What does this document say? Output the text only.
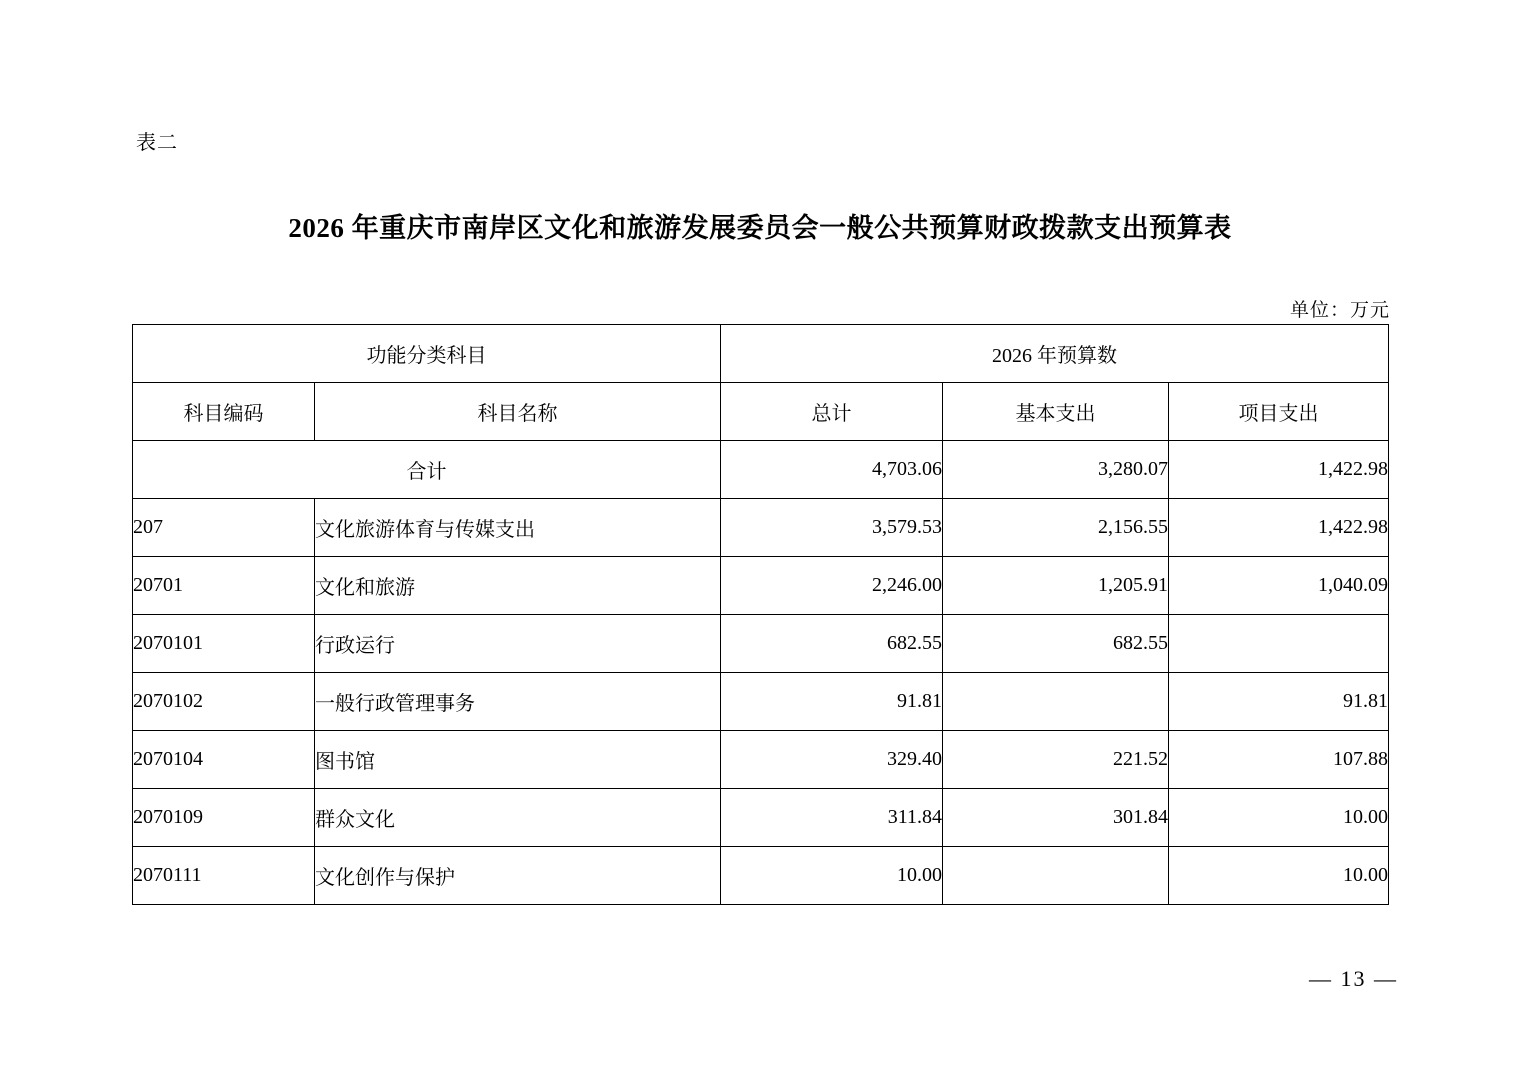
表二
2026 年重庆市南岸区文化和旅游发展委员会一般公共预算财政拨款支出预算表
单位：万元
功能分类科目		2026 年预算数		
科目编码	科目名称	总计	基本支出	项目支出
合计		4,703.06	3,280.07	1,422.98
207	文化旅游体育与传媒支出	3,579.53	2,156.55	1,422.98
20701	文化和旅游	2,246.00	1,205.91	1,040.09
2070101	行政运行	682.55	682.55	
2070102	一般行政管理事务	91.81		91.81
2070104	图书馆	329.40	221.52	107.88
2070109	群众文化	311.84	301.84	10.00
2070111	文化创作与保护	10.00		10.00
— 13 —
